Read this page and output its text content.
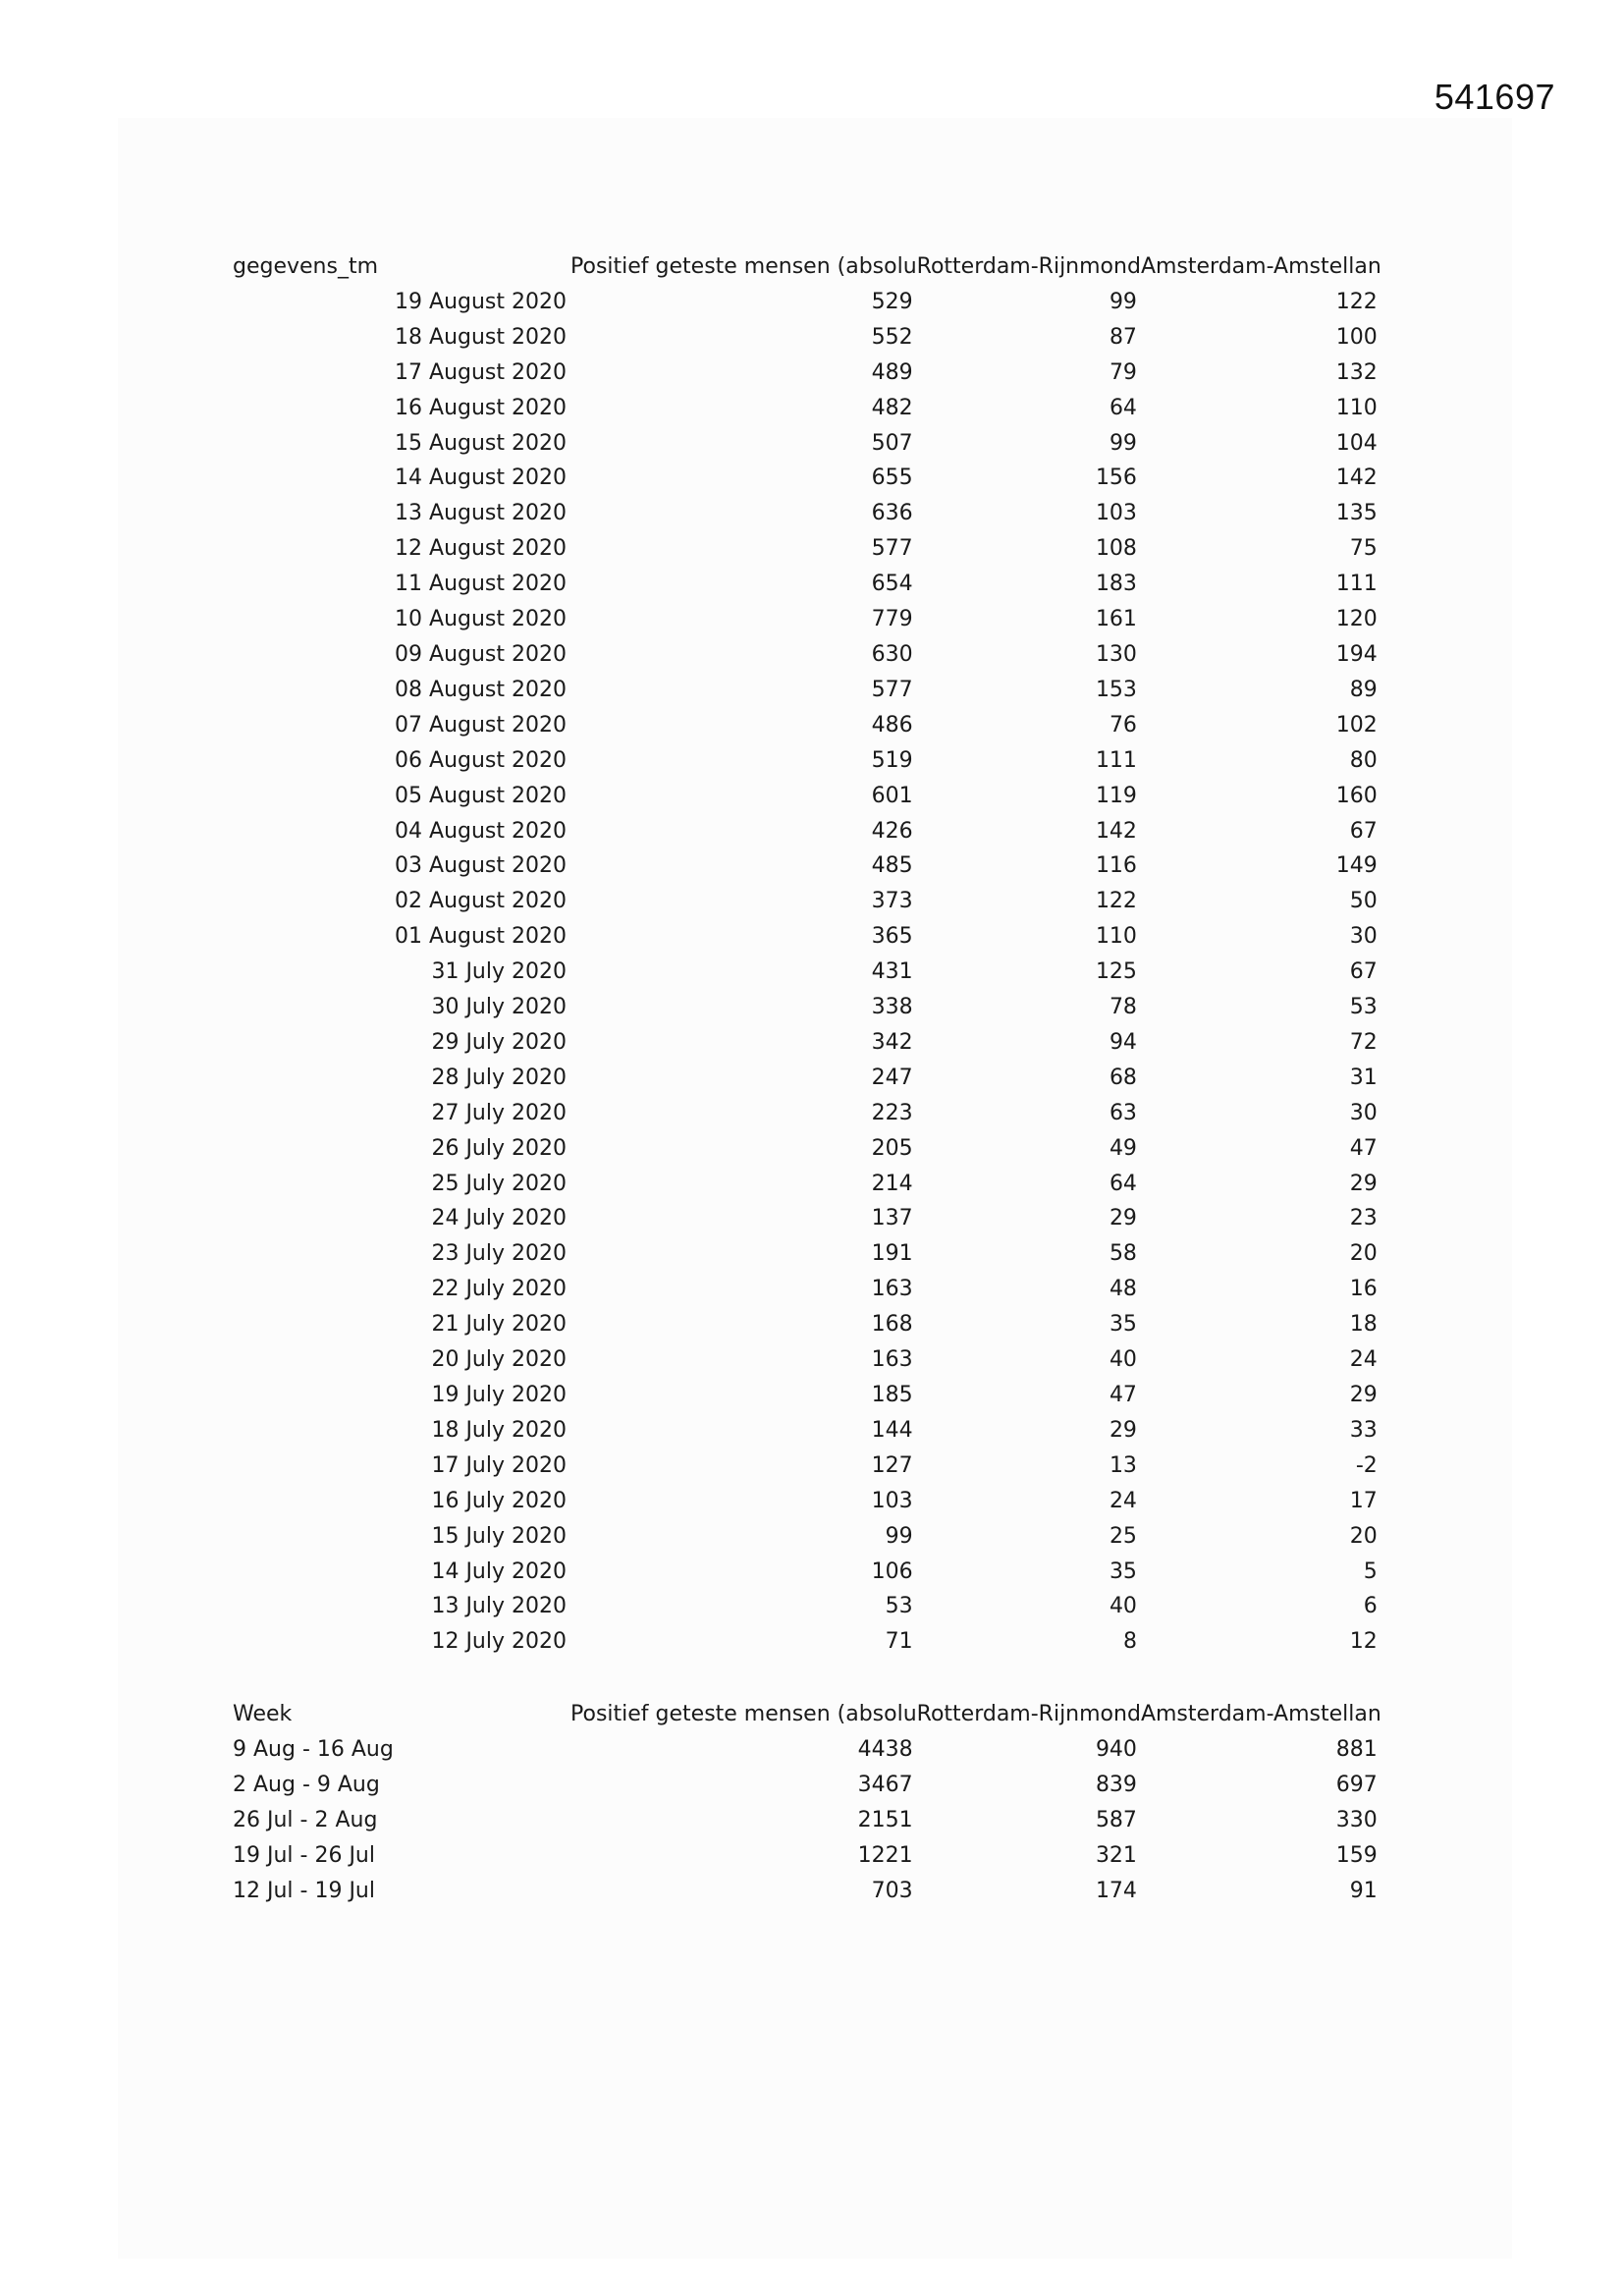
541697
gegevens_tm	Positief geteste mensen (absolu	Rotterdam-Rijnmond	Amsterdam-Amstellan
19 August 2020	529	99	122
18 August 2020	552	87	100
17 August 2020	489	79	132
16 August 2020	482	64	110
15 August 2020	507	99	104
14 August 2020	655	156	142
13 August 2020	636	103	135
12 August 2020	577	108	75
11 August 2020	654	183	111
10 August 2020	779	161	120
09 August 2020	630	130	194
08 August 2020	577	153	89
07 August 2020	486	76	102
06 August 2020	519	111	80
05 August 2020	601	119	160
04 August 2020	426	142	67
03 August 2020	485	116	149
02 August 2020	373	122	50
01 August 2020	365	110	30
31 July 2020	431	125	67
30 July 2020	338	78	53
29 July 2020	342	94	72
28 July 2020	247	68	31
27 July 2020	223	63	30
26 July 2020	205	49	47
25 July 2020	214	64	29
24 July 2020	137	29	23
23 July 2020	191	58	20
22 July 2020	163	48	16
21 July 2020	168	35	18
20 July 2020	163	40	24
19 July 2020	185	47	29
18 July 2020	144	29	33
17 July 2020	127	13	-2
16 July 2020	103	24	17
15 July 2020	99	25	20
14 July 2020	106	35	5
13 July 2020	53	40	6
12 July 2020	71	8	12
Week	Positief geteste mensen (absolu	Rotterdam-Rijnmond	Amsterdam-Amstellan
9 Aug - 16 Aug	4438	940	881
2 Aug - 9 Aug	3467	839	697
26 Jul - 2 Aug	2151	587	330
19 Jul - 26 Jul	1221	321	159
12 Jul - 19 Jul	703	174	91
